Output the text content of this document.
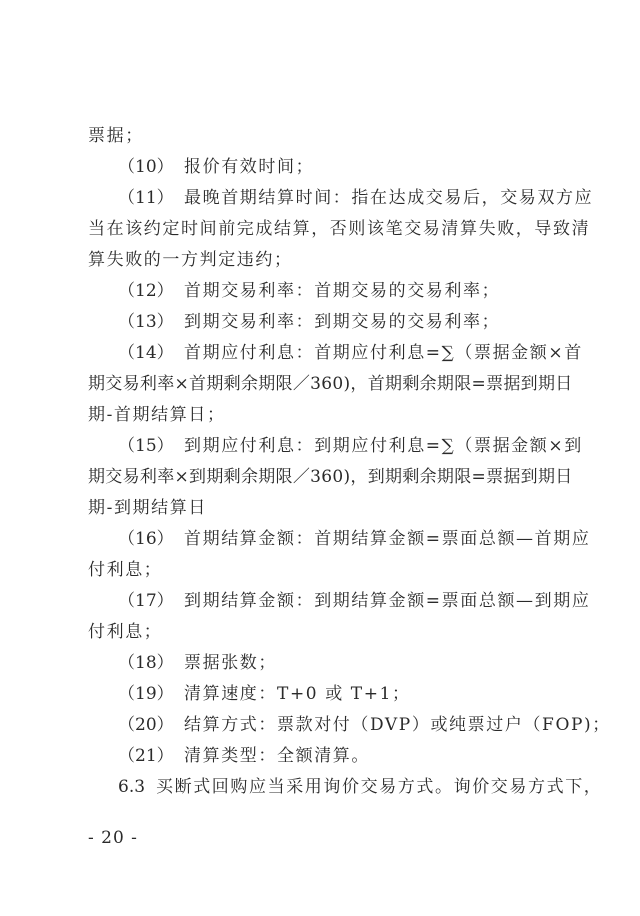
票据；
（10） 报价有效时间；
（11） 最晚首期结算时间：指在达成交易后，交易双方应
当在该约定时间前完成结算，否则该笔交易清算失败，导致清
算失败的一方判定违约；
（12） 首期交易利率：首期交易的交易利率；
（13） 到期交易利率：到期交易的交易利率；
（14） 首期应付利息：首期应付利息=∑（票据金额×首
期交易利率×首期剩余期限／360)，首期剩余期限=票据到期日
期-首期结算日；
（15） 到期应付利息：到期应付利息=∑（票据金额×到
期交易利率×到期剩余期限／360)，到期剩余期限=票据到期日
期-到期结算日
（16） 首期结算金额：首期结算金额=票面总额—首期应
付利息；
（17） 到期结算金额：到期结算金额=票面总额—到期应
付利息；
（18） 票据张数；
（19） 清算速度：T+0 或 T+1；
（20） 结算方式：票款对付（DVP）或纯票过户（FOP)；
（21） 清算类型：全额清算。
6.3 买断式回购应当采用询价交易方式。询价交易方式下，
- 20 -
